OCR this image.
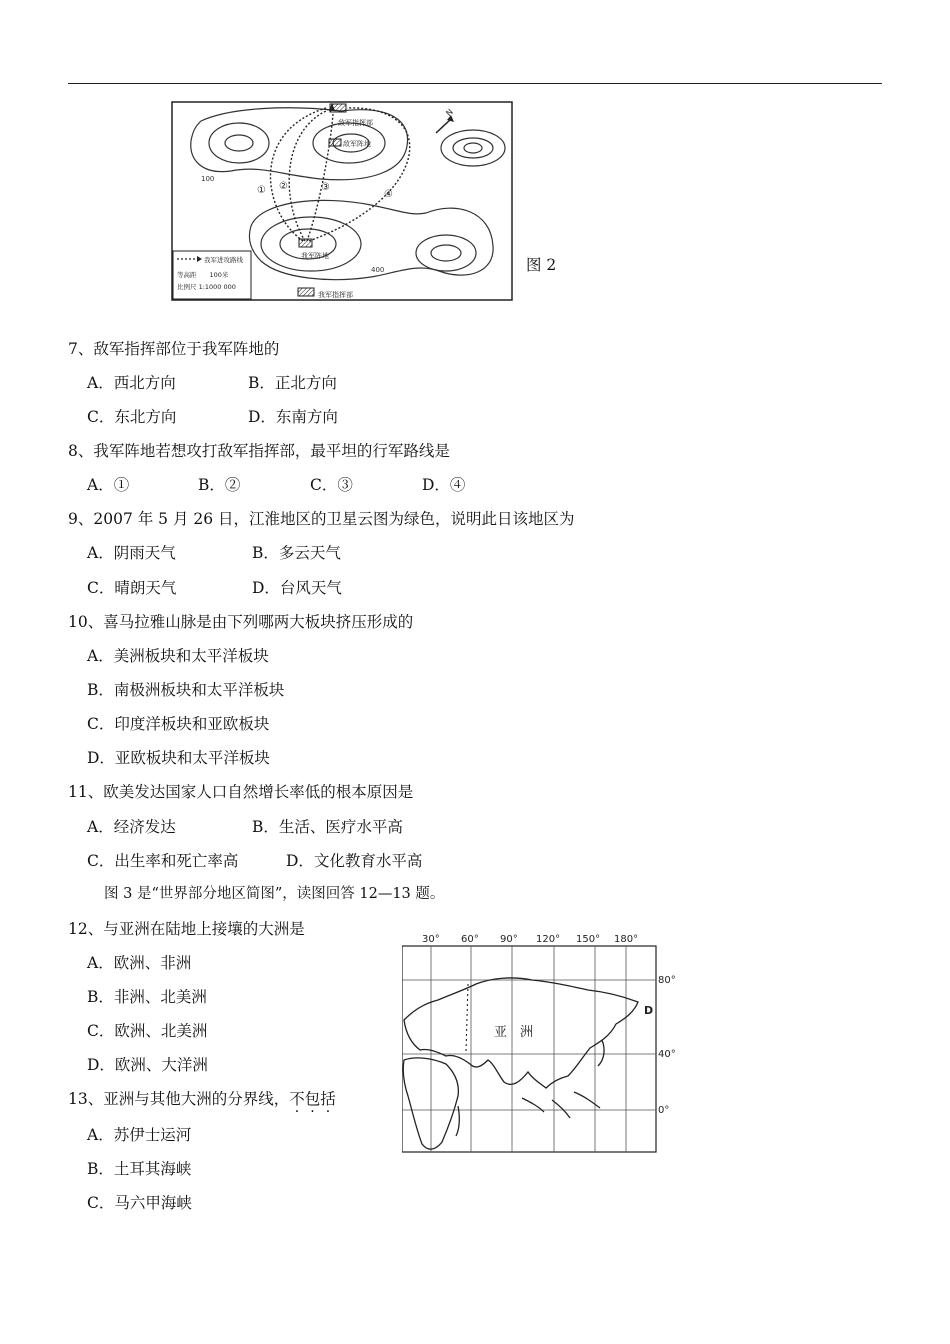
100
N
400
敌军指挥部
敌军阵地
我军阵地
我军指挥部
① ②	③
④
我军进攻路线
等高距　　100米
比例尺 1:1000 000
图 2
7、敌军指挥部位于我军阵地的
A．西北方向	B．正北方向
C．东北方向	D．东南方向
8、我军阵地若想攻打敌军指挥部，最平坦的行军路线是
A．①	B．②	C．③	D．④
9、2007 年 5 月 26 日，江淮地区的卫星云图为绿色，说明此日该地区为
A．阴雨天气	B．多云天气
C．晴朗天气	D．台风天气
10、喜马拉雅山脉是由下列哪两大板块挤压形成的
A．美洲板块和太平洋板块
B．南极洲板块和太平洋板块
C．印度洋板块和亚欧板块
D．亚欧板块和太平洋板块
11、欧美发达国家人口自然增长率低的根本原因是
A．经济发达	B．生活、医疗水平高
C．出生率和死亡率高	D．文化教育水平高
图 3 是“世界部分地区简图”，读图回答 12—13 题。
12、与亚洲在陆地上接壤的大洲是
A．欧洲、非洲
B．非洲、北美洲
C．欧洲、北美洲
D．欧洲、大洋洲
13、亚洲与其他大洲的分界线，不包括
A．苏伊士运河
B．土耳其海峡
C．马六甲海峡
30° 60° 90° 120° 150° 180°
80°
40°
0°
亚　洲
D
